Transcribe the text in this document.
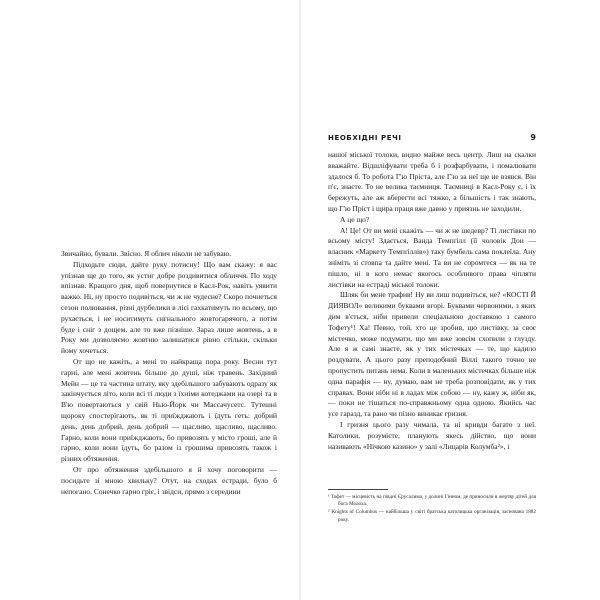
Звичайно, бували. Звісно. Я облич ніколи не забуваю.

Підходьте сюди, дайте руку потисну! Що вам скажу: я вас упізнав ще до того, як устиг добре роздивитися обличчя. По ходу впізнав. Кращого дня, щоб повернутися в Касл-Рок, навіть уявити важко. Ні, ну просто подивіться, чи ж не чудесне? Скоро почнеться сезон полювання, різні дурбелики в лісі гахкатимуть по всьому, що рухається, і не носитимуть сигнального жовтогарячого, а потім буде і сніг з дощем, але то вже пізніше. Зараз лише жовтень, а в Року ми дозволяємо жовтню залишатися рівно стільки, скільки йому хочеться.

От що не кажіть, а мені то найкраща пора року. Весни тут гарні, але мені жовтень більше до душі, ніж травень. Західний Мейн — це та частина штату, яку здебільшого забувають одразу як закінчується літо, коли всі ті люди з їхніми котеджами на озері та в В'ю повертаються у свій Нью-Йорк чи Массачусетс. Тутешні щороку спостерігають, як ті приїжджають і їдуть геть: добрий день, день добрий, день добрий — щасливо, щасливо, щасливо. Гарно, коли вони приїжджають, бо привозять у місто гроші, але й гарно, коли вони їдуть, бо разом із грошима привозять також і різних обтяження.

От про обтяження здебільшого я й хочу поговорити — посидьте зі мною хвильку? Отут, на сходах естради, було б непогано. Сонечко гарно гріє, і звідси, прямо з середини

НЕОБХІДНІ РЕЧІ	9

нашої міської толоки, видно майже весь центр. Лиш на скалки вважайте. Відшліфувати треба б і розфарбувати, і помалювати здалося б. То робота Г'ю Пріста, але Г'ю за неї ще не взявся. Він п'є, знаєте. То не велика таємниця. Таємниці в Касл-Року є, і їх бережуть, але аж вберегти всі тяжко, а більшість і так знають, що Г'ю Пріст і щира праця вже давно у приязнь не заходили.

А це що?

А! Це! От ви мені скажіть — чи ж не шедевр? Ті листівки по всьому місту! Здається, Ванда Темпґілл (її чоловік Дон — власник «Маркету Темпґіллів») таку бумбель сама поклеїла. Ану зніміть зі стовпа та дайте мені. Та ви не соромтеся — як на те пішло, ні в кого немає якогось особливого права чіпляти листівки на естраді міської толоки.

Шляк би мене трафив! Ну ви лиш подивіться, не? «КОСТІ Й ДИЯВОЛ» великими буквами вгорі. Буквами червоними, з яких дим в'ється, ніби привели спеціальною доставкою з самого Тофету¹! Ха! Певно, той, хто це зробив, цю листівку, за своє містечко, може подумати, що ми вже зовсім схопили з глузду. Але я ж самі знаєте, як у тих містечках — те, що кадило роздувати. А цього разу преподобний Віллі такого точно не пропустить питань нема. Коли в маленьких містечках більше ніж одна парафія — ну, думаю, вам не треба розповідати, як у тих справах. Вони ніби ні в ладах між собою — ну, кажу ж, ніби як, — поки не тішаться по-справжньому одна одною. Якийсь час усе гаразд, та рано чи пізно виникає гризня.

І гризня цього разу чимала, та ні кривди багато з неї. Католики, розумієте, планують якесь дійство, що вони називають «Нічкою казино» у залі «Лицарів Колумба²», і

¹ Тофет — місцевість на півдні Єрусалима, у долині Гінном, де приносили в жертву дітей для бога Молоха.

² Knights of Columbus — найбільша у світі братська католицька організація, заснована 1882 року.
